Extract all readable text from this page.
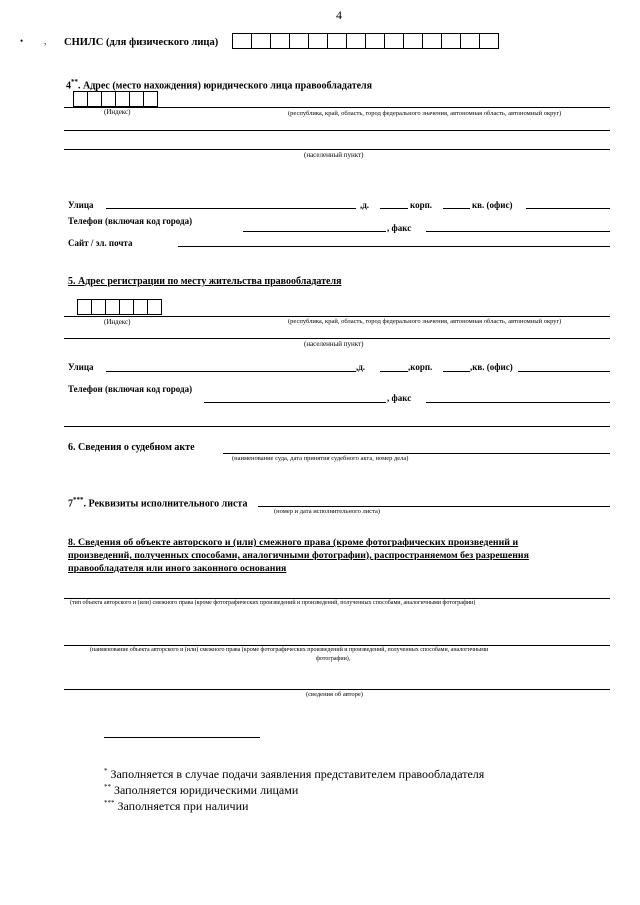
4
• , СНИЛС (для физического лица)
4**. Адрес (место нахождения) юридического лица правообладателя
(Индекс)	(республика, край, область, город федерального значения, автономная область, автономный округ)
(населенный пункт)
Улица	,д.	корп.	кв. (офис)
Телефон (включая код города)
, факс
Сайт / эл. почта
5. Адрес регистрации по месту жительства правообладателя
(Индекс)	(республика, край, область, город федерального значения, автономная область, автономный округ)
(населенный пункт)
Улица	,д.	,корп.	,кв. (офис)
Телефон (включая код города)
, факс
6. Сведения о судебном акте
(наименование суда, дата принятия судебного акта, номер дела)
7***. Реквизиты исполнительного листа
(номер и дата исполнительного листа)
8. Сведения об объекте авторского и (или) смежного права (кроме фотографических произведений и
произведений, полученных способами, аналогичными фотографии), распространяемом без разрешения
правообладателя или иного законного основания
(тип объекта авторского и (или) смежного права (кроме фотографических произведений и произведений, полученных способами, аналогичными фотографии)
(наименование объекта авторского и (или) смежного права (кроме фотографических произведений и произведений, полученных способами, аналогичными
фотографии),
(сведения об авторе)
* Заполняется в случае подачи заявления представителем правообладателя
** Заполняется юридическими лицами
*** Заполняется при наличии
